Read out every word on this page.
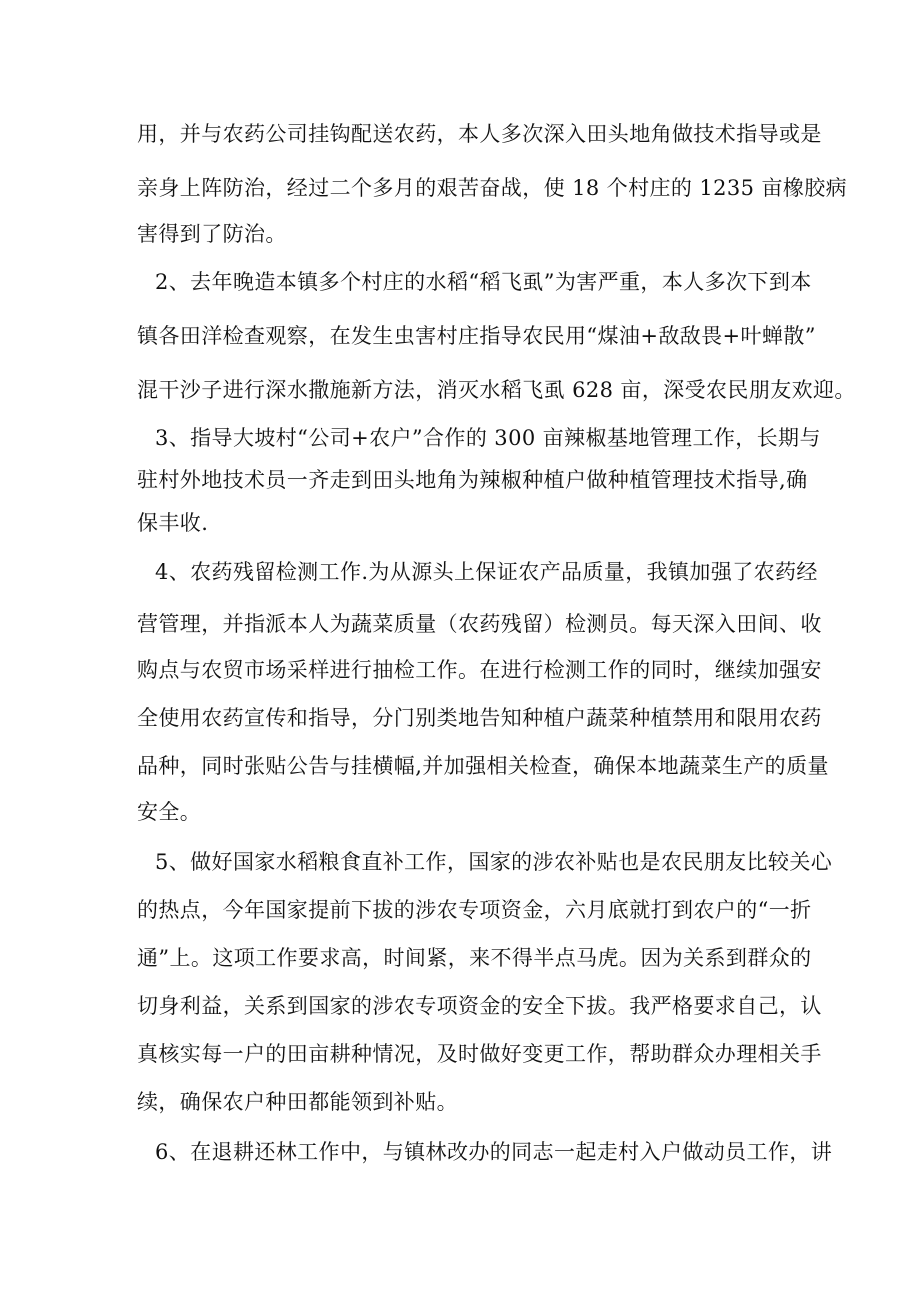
用，并与农药公司挂钩配送农药，本人多次深入田头地角做技术指导或是
亲身上阵防治，经过二个多月的艰苦奋战，使 18 个村庄的 1235 亩橡胶病
害得到了防治。
2、去年晚造本镇多个村庄的水稻“稻飞虱”为害严重，本人多次下到本
镇各田洋检查观察，在发生虫害村庄指导农民用“煤油+敌敌畏+叶蝉散”
混干沙子进行深水撒施新方法，消灭水稻飞虱 628 亩，深受农民朋友欢迎。
3、指导大坡村“公司+农户”合作的 300 亩辣椒基地管理工作，长期与
驻村外地技术员一齐走到田头地角为辣椒种植户做种植管理技术指导,确
保丰收.
4、农药残留检测工作.为从源头上保证农产品质量，我镇加强了农药经
营管理，并指派本人为蔬菜质量（农药残留）检测员。每天深入田间、收
购点与农贸市场采样进行抽检工作。在进行检测工作的同时，继续加强安
全使用农药宣传和指导，分门别类地告知种植户蔬菜种植禁用和限用农药
品种，同时张贴公告与挂横幅,并加强相关检查，确保本地蔬菜生产的质量
安全。
5、做好国家水稻粮食直补工作，国家的涉农补贴也是农民朋友比较关心
的热点，今年国家提前下拔的涉农专项资金，六月底就打到农户的“一折
通”上。这项工作要求高，时间紧，来不得半点马虎。因为关系到群众的
切身利益，关系到国家的涉农专项资金的安全下拔。我严格要求自己，认
真核实每一户的田亩耕种情况，及时做好变更工作，帮助群众办理相关手
续，确保农户种田都能领到补贴。
6、在退耕还林工作中，与镇林改办的同志一起走村入户做动员工作，讲
